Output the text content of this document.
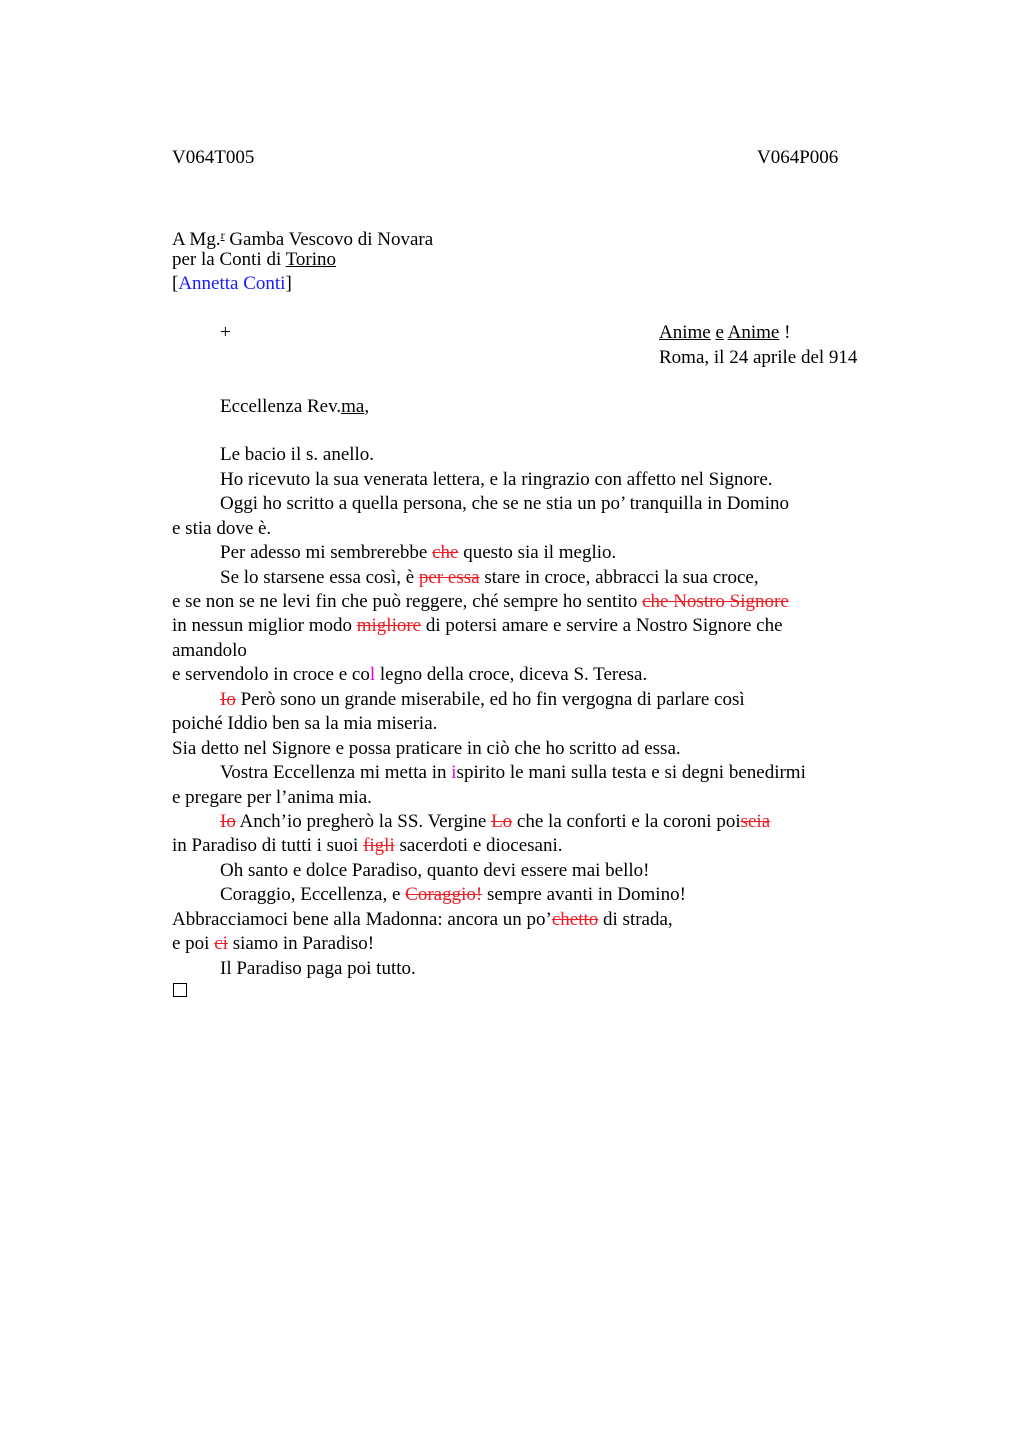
V064T005	V064P006
A Mg.$^r$ Gamba Vescovo di Novara
per la Conti di Torino
[Annetta Conti]
+	Anime e Anime !
Roma, il 24 aprile del 914
Eccellenza Rev.ma,
Le bacio il s. anello.
Ho ricevuto la sua venerata lettera, e la ringrazio con affetto nel Signore.
Oggi ho scritto a quella persona, che se ne stia un po’ tranquilla in Domino
e stia dove è.
Per adesso mi sembrerebbe che questo sia il meglio.
Se lo starsene essa così, è per essa stare in croce, abbracci la sua croce,
e se non se ne levi fin che può reggere, ché sempre ho sentito che Nostro Signore
in nessun miglior modo migliore di potersi amare e servire a Nostro Signore che
amandolo
e servendolo in croce e col legno della croce, diceva S. Teresa.
Io Però sono un grande miserabile, ed ho fin vergogna di parlare così
poiché Iddio ben sa la mia miseria.
Sia detto nel Signore e possa praticare in ciò che ho scritto ad essa.
Vostra Eccellenza mi metta in ispirito le mani sulla testa e si degni benedirmi
e pregare per l’anima mia.
Io Anch’io pregherò la SS. Vergine Lo che la conforti e la coroni poiseia
in Paradiso di tutti i suoi figli sacerdoti e diocesani.
Oh santo e dolce Paradiso, quanto devi essere mai bello!
Coraggio, Eccellenza, e Coraggio! sempre avanti in Domino!
Abbracciamoci bene alla Madonna: ancora un po’chetto di strada,
e poi ci siamo in Paradiso!
Il Paradiso paga poi tutto.
